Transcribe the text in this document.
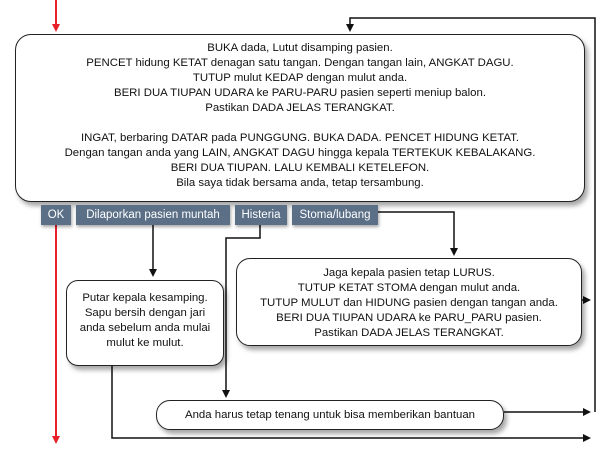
BUKA dada, Lutut disamping pasien.

PENCET hidung KETAT denagan satu tangan. Dengan tangan lain, ANGKAT DAGU.

TUTUP mulut KEDAP dengan mulut anda.

BERI DUA TIUPAN UDARA ke PARU-PARU pasien seperti meniup balon.

Pastikan DADA JELAS TERANGKAT.

INGAT, berbaring DATAR pada PUNGGUNG. BUKA DADA. PENCET HIDUNG KETAT.

Dengan tangan anda yang LAIN, ANGKAT DAGU hingga kepala TERTEKUK KEBALAKANG.

BERI DUA TIUPAN. LALU KEMBALI KETELEFON.

Bila saya tidak bersama anda, tetap tersambung.

OK	Dilaporkan pasien muntah	Histeria	Stoma/lubang

Putar kepala kesamping.

Sapu bersih dengan jari

anda sebelum anda mulai

mulut ke mulut.

Jaga kepala pasien tetap LURUS.

TUTUP KETAT STOMA dengan mulut anda.

TUTUP MULUT dan HIDUNG pasien dengan tangan anda.

BERI DUA TIUPAN UDARA ke PARU_PARU pasien.

Pastikan DADA JELAS TERANGKAT.

Anda harus tetap tenang untuk bisa memberikan bantuan
